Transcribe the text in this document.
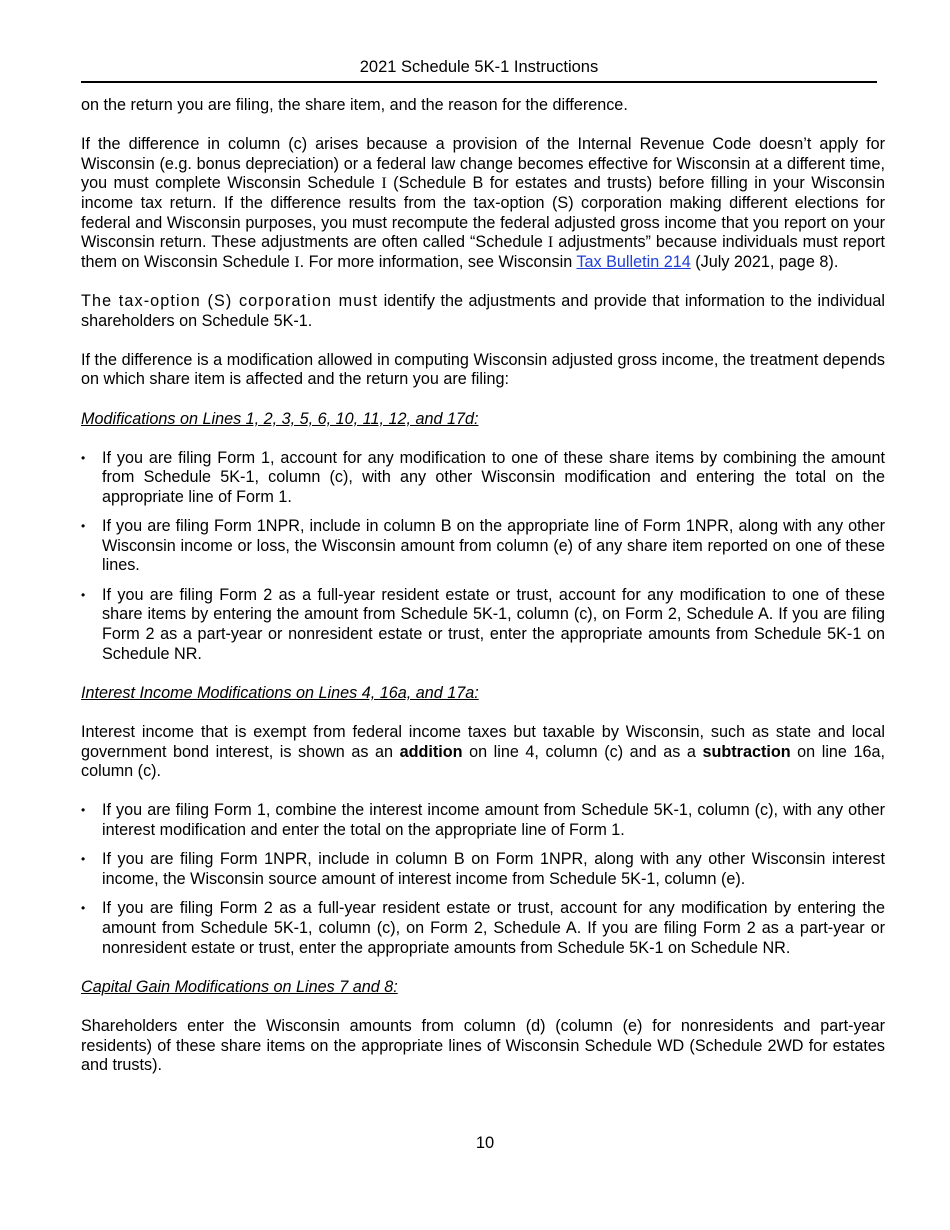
2021 Schedule 5K-1 Instructions

on the return you are filing, the share item, and the reason for the difference.

If the difference in column (c) arises because a provision of the Internal Revenue Code doesn’t apply for Wisconsin (e.g. bonus depreciation) or a federal law change becomes effective for Wisconsin at a different time, you must complete Wisconsin Schedule I (Schedule B for estates and trusts) before filling in your Wisconsin income tax return. If the difference results from the tax-option (S) corporation making different elections for federal and Wisconsin purposes, you must recompute the federal adjusted gross income that you report on your Wisconsin return. These adjustments are often called “Schedule I adjustments” because individuals must report them on Wisconsin Schedule I. For more information, see Wisconsin Tax Bulletin 214 (July 2021, page 8).

The tax-option (S) corporation must identify the adjustments and provide that information to the individual shareholders on Schedule 5K-1.

If the difference is a modification allowed in computing Wisconsin adjusted gross income, the treatment depends on which share item is affected and the return you are filing:

Modifications on Lines 1, 2, 3, 5, 6, 10, 11, 12, and 17d:

• If you are filing Form 1, account for any modification to one of these share items by combining the amount from Schedule 5K-1, column (c), with any other Wisconsin modification and entering the total on the appropriate line of Form 1.
• If you are filing Form 1NPR, include in column B on the appropriate line of Form 1NPR, along with any other Wisconsin income or loss, the Wisconsin amount from column (e) of any share item reported on one of these lines.
• If you are filing Form 2 as a full-year resident estate or trust, account for any modification to one of these share items by entering the amount from Schedule 5K-1, column (c), on Form 2, Schedule A. If you are filing Form 2 as a part-year or nonresident estate or trust, enter the appropriate amounts from Schedule 5K-1 on Schedule NR.

Interest Income Modifications on Lines 4, 16a, and 17a:

Interest income that is exempt from federal income taxes but taxable by Wisconsin, such as state and local government bond interest, is shown as an addition on line 4, column (c) and as a subtraction on line 16a, column (c).

• If you are filing Form 1, combine the interest income amount from Schedule 5K-1, column (c), with any other interest modification and enter the total on the appropriate line of Form 1.
• If you are filing Form 1NPR, include in column B on Form 1NPR, along with any other Wisconsin interest income, the Wisconsin source amount of interest income from Schedule 5K-1, column (e).
• If you are filing Form 2 as a full-year resident estate or trust, account for any modification by entering the amount from Schedule 5K-1, column (c), on Form 2, Schedule A. If you are filing Form 2 as a part-year or nonresident estate or trust, enter the appropriate amounts from Schedule 5K-1 on Schedule NR.

Capital Gain Modifications on Lines 7 and 8:

Shareholders enter the Wisconsin amounts from column (d) (column (e) for nonresidents and part-year residents) of these share items on the appropriate lines of Wisconsin Schedule WD (Schedule 2WD for estates and trusts).

10
